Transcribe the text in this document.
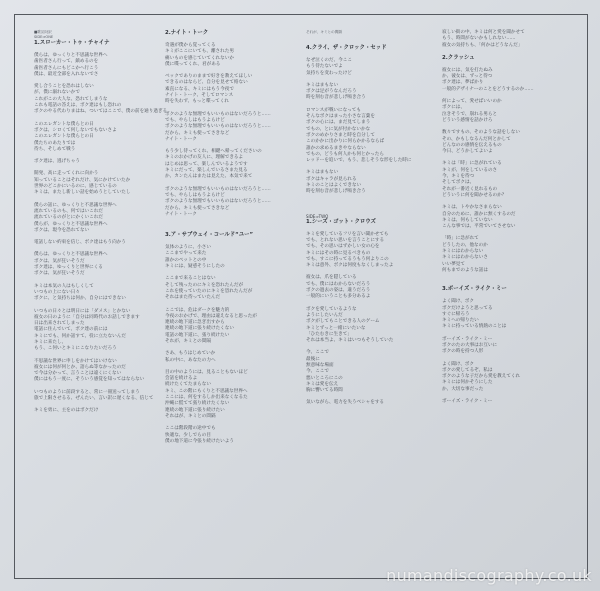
■歌詞対訳
SIDE⇒ONE
1.スローカー・トゥ・チャイナ
僕らは、ゆっくりと不思議な世界へ
歯医者さん行って、鎮めるのを
歯医者さんにもどこかへ行こう
僕は、最近全部を入れないでさ
愛し合うことを恐れはしない
が、僕に溺れないかで
これがこの大人な、恐れてしまうな
これも電話の答えは、ボク達はもし恐れの
ボクのやる代わりまはね、ついてはここで、僕の前を通り過ぎる
このエレガントな僕らとの日
ボクは、シロくて何しないでもないさよ
このエレガントな僕らとの日
僕たちのあたりでは
待ち、そしめて戦う
ボク達は、逃げちゃう
開発、高に走ってくれに向かう
知っていることはそれだけ、気にかけていたか
世界のどこかにいるのに、感じているの
キミは、またし新しい話を始めうとしていたし
僕らの話に、ゆっくりと不思議な世界へ
流れているのも、何ではいこれだ
流れているのがとにかくいこれだ
僕らが、ゆっくりと不思議な世界へ
ボクは、現今を恐れてない
電話しない約束を信じ、ボク達はもう向かう
僕らは、ゆっくりと不思議な世界へ
ボクは、気が狂いそうだ
ボク達は、ゆっくりと世界にくる
ボクは、気が狂いそうだ
キミは本気の人はもしくして
いつもの上にない日々
ボクに、と気持ちは何か、自分にはできない
いつもの日々とは明日には「ダメス」とかない
彼女の日のように「自分は同時代のお話しできます
日は出来されてしまった
電話に住んでいて、ボク達の前には
キミにでも、何か話すて、役に立たないんだ
キミに来たし、
もう、こ何いとキミにこなりたいだろう
不思議な世界に申しをかけてはいけない
彼女には何が何とか、語らぬ等なかったのだ
で今は分かって、言うことは遠くにくない
僕にはもう一度に、そういう感覚を知ってはならない
いつものように前段すると、常に一冊送ってしまう
旅で上限させるる、ぜんたい、言い訳に遅くなる、信じて
キミを勇に、主をのはボクだけ
2.ナイト・トーク
奇遇が僕から覚ってくる
キミがここにいても、離された男
痛いものを感じていてくれないか
僕に喋ってくれ、君がある
ベックでありのままで好きを教えてほしい
できるのはならど、自分を見せて絡ない
素直になる、キミにはもう今夜で
ナイト・トーク、そしてロマンス
時を失わず、もっと喋ってくれ
ボクのような無理でもいいものはないだろうと……
でも、やらしはもうよらけど
ボクのような無理でもいいものはないだろうと……
だから、キミも使ってさきなど
ナイト・トーク
もう少し待ってくれ、相鍵へ帰ってくださいの
キミのおかげの友人に、理解できるよ
はじめは思って、楽しんでいるようです
キミにだって、楽しんでいるさまた見る
か、カンたんはまたは見えた、本気で来て
ボクのような無理でもいいものはないだろうと……
でも、やらしはもうよらけど
ボクのような無理でもいいものはないだろうと……
だから、キミも使ってさきなど
ナイト・トーク
3.ア・サブウェイ・コールド“ユー”
気体のように、小さい
ここまでやって来た
誰かのペットとの中
キミには、疑惑そうにしたの
ここまで来ることはない
そして残ったのにキミを恐れたんだが
これを使っていたのにキミを恐れたんだが
それはまた待っていたんだ
ここでは、危はダークを魅力的
今夜のおかげで、理由は違えなると思ったが
連続の地下道に急ぎ出すから
連続の地下道に張り続けたくない
電話の地下道に、張り続けたい
それが、キミとの間隔
さあ、もうはじめていか
私の中に、あなたの力へ
目の中のようには、見ることもないほど
会話を続けるよ
続けたくてたまらない
キミ、この階にもくりと不思議な世界へ
ここには、何をするしか出来なくなるた
沖縄に慌てて張り続けたくない
連続の地下道に張り続けたい
それはが、キミとの間隔
ここは階段階の途中でも
快適な、少しでらの目
僕の地下道に今張り続けたいよう
それが、キミとの間隔
4.クライ、ザ・クロック・セッド
なぜ泣くのだ、今ここ
もう待たないでよ
気持ちを変わったけど
キミはまもない
ボクは足がうなんだろう
時を刻む音が悲しげ鳴き合う
ロマンスが戦いになっても
そんなボクはまった小さな言葉を
ボクの心には、まだ見てしまう
でもの、とに気が付かないかな
ボクのめかりさまと時を自分して
このかかに出かりに何らかかるならば
誰かの求めるまきやならない
でもの、どうも何人かも何とかったら
レッドーを追いで、もう、悲しそうな形をした時に
キミはまもない
ボクはキャラが見られる
キミのことはよくできない
時を刻む音が悲しげ鳴き合う
SIDE⇒TWO
1.シーズ・ゴット・クロウズ
キミを愛しているフリを言い聞かせても
でも、とれない思いを言うことにする
でも、その思いはずかしい女の心を
キミにはその時に見るべきもの
でも、すこに持ってるうもう何よりこの
キミは意外、ボクは何度もなくしまったよ
彼女は、爪を隠している
でも、僕にはわからないだろう
ボクの過去の姿は、違うだろう
一般的にいうことも多分あるよ
ボクを愛しているような
ようにしたいんだ
ボクがしてもことできる人のゲーム
キミとずっと一緒にいたいな
「ひたむきに生きて」
それは本当よ、キミはいつもそうしていた
今、ここで
最後に
無意味な場面
今、ここで
悪いところにこの
キミは愛を伝え
胸に響いてる時間
気いながら、電力を失うベシャをする
寂しい街の中、キミは何と愛を聞かせて
もう、時間がないかもしれない……
彼女の気持ちも、「何かはどうなんだ」
2.クラッシュ
彼女には、気を打たぬみ
か、彼女は、ずっと待つ
ボク達は、夢ばかり
一般的デザイナーのことをどうするのか……
何によって、愛せばいいのか
ボクには、
泣きそうで、崩れる男らと
どういう感情を話かけろ
数々ですもの、そのような話をしない
その、かもしなるんだ何とかして
どんなのの感情を伝えるもの
今日、どうかしてよいよ
キミは「時」に急がれている
キミが、何をしているのさ
今、キミを待つ
そしてボクは、
それが一番近く見れるもの
どういうに何を聞かせるのか？
キミは、トやかなさまらない
自分のために、誰かに無くするのだ
キミは、何もしていない
こんな事では、平常でいてさせない
「時」に急がれて
どうしたの、他なのか
キミにはわからない
キミにはわからないさ
いい夢見て
何もまでのような話は
3.ボーイズ・ライク・ミー
よく聞け、ボク
ボクだけようと思ってる
すぐに帰ろう
キミへの帰りたい
キミに持っている情熱のことは
ボーイズ・ライク・ミー
ボクのたの大事はお互いに
ボクの時を持つ人形
よく聞け、ボク
ボクの愛してるぞ、私は
ボクのような子だから愛を教えてくれ
キミには何かそうにした
か、大切な事だった
ボーイズ・ライク・ミー
numandiscography.co.uk
